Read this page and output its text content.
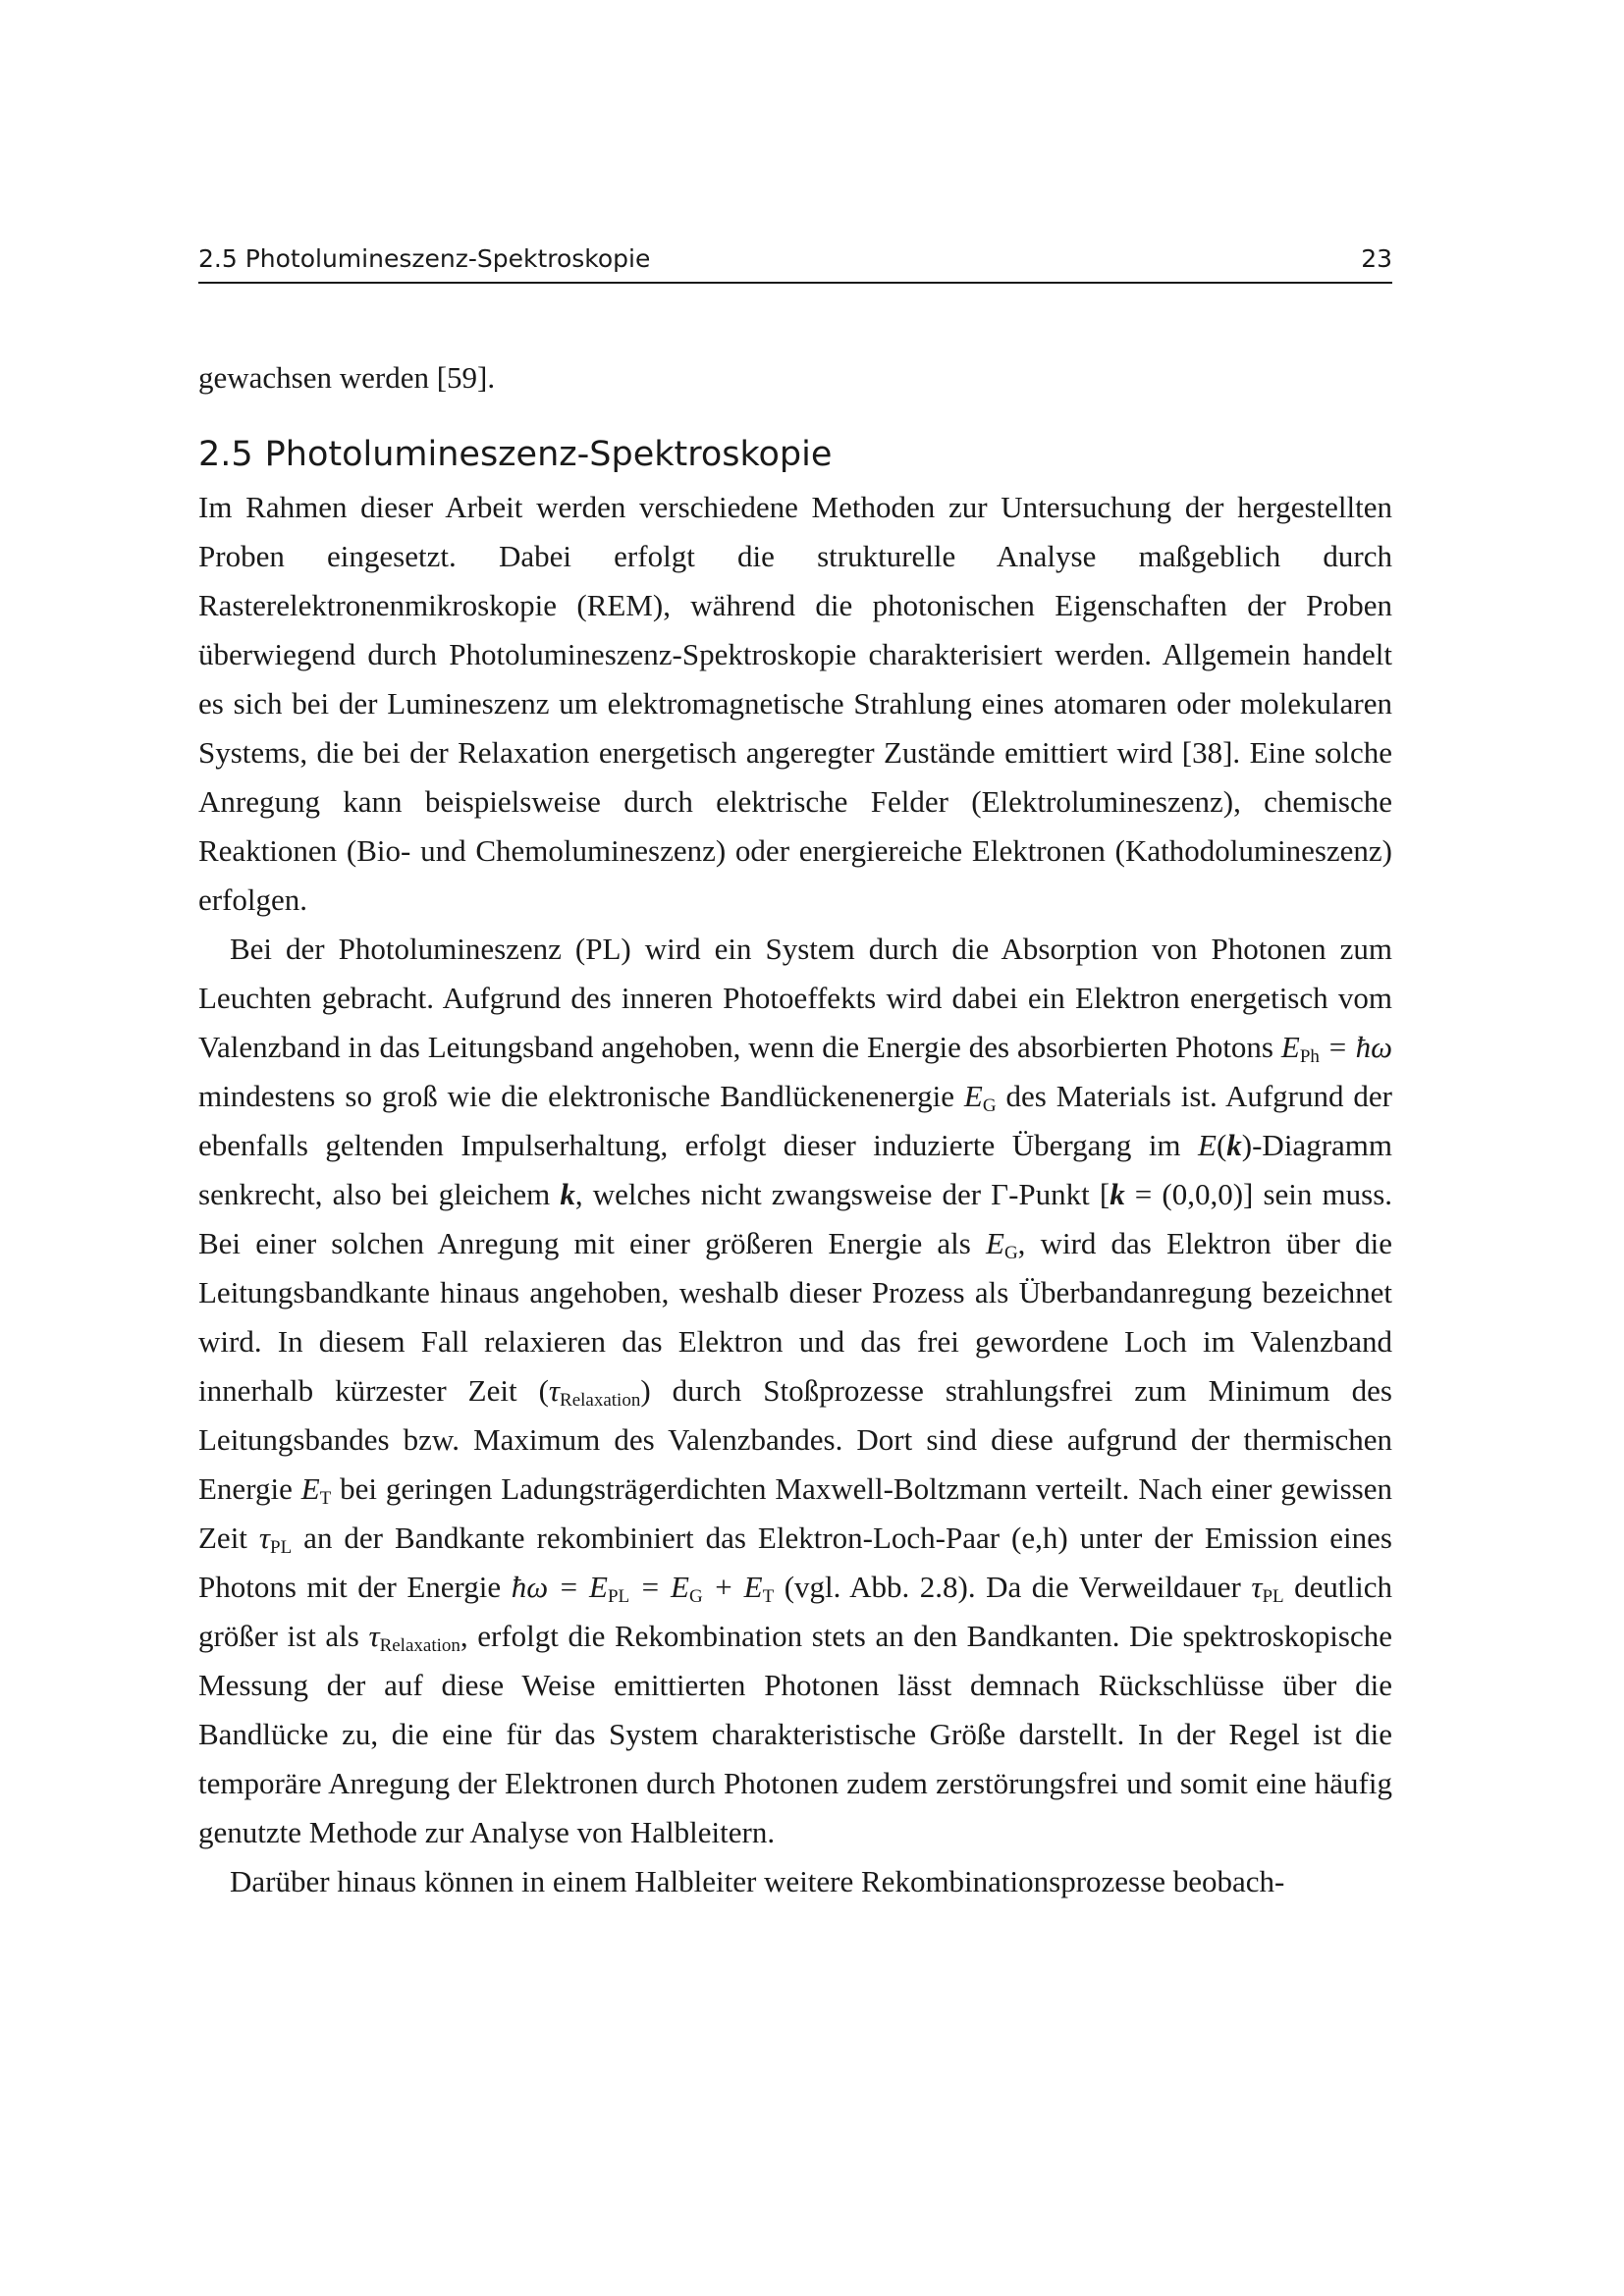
2.5 Photolumineszenz-Spektroskopie	23

gewachsen werden [59].

2.5 Photolumineszenz-Spektroskopie

Im Rahmen dieser Arbeit werden verschiedene Methoden zur Untersuchung der hergestellten Proben eingesetzt. Dabei erfolgt die strukturelle Analyse maßgeblich durch Rasterelektronenmikroskopie (REM), während die photonischen Eigenschaften der Proben überwiegend durch Photolumineszenz-Spektroskopie charakterisiert werden. Allgemein handelt es sich bei der Lumineszenz um elektromagnetische Strahlung eines atomaren oder molekularen Systems, die bei der Relaxation energetisch angeregter Zustände emittiert wird [38]. Eine solche Anregung kann beispielsweise durch elektrische Felder (Elektrolumineszenz), chemische Reaktionen (Bio- und Chemolumineszenz) oder energiereiche Elektronen (Kathodolumineszenz) erfolgen.

Bei der Photolumineszenz (PL) wird ein System durch die Absorption von Photonen zum Leuchten gebracht. Aufgrund des inneren Photoeffekts wird dabei ein Elektron energetisch vom Valenzband in das Leitungsband angehoben, wenn die Energie des absorbierten Photons $E_{Ph}$ = ħω mindestens so groß wie die elektronische Bandlückenenergie $E_G$ des Materials ist. Aufgrund der ebenfalls geltenden Impulserhaltung, erfolgt dieser induzierte Übergang im E(k)-Diagramm senkrecht, also bei gleichem k, welches nicht zwangsweise der Γ-Punkt [k = (0,0,0)] sein muss. Bei einer solchen Anregung mit einer größeren Energie als $E_G$, wird das Elektron über die Leitungsbandkante hinaus angehoben, weshalb dieser Prozess als Überbandanregung bezeichnet wird. In diesem Fall relaxieren das Elektron und das frei gewordene Loch im Valenzband innerhalb kürzester Zeit $(\tau_{Relaxation})$ durch Stoßprozesse strahlungsfrei zum Minimum des Leitungsbandes bzw. Maximum des Valenzbandes. Dort sind diese aufgrund der thermischen Energie $E_T$ bei geringen Ladungsträgerdichten Maxwell-Boltzmann verteilt. Nach einer gewissen Zeit $\tau_{PL}$ an der Bandkante rekombiniert das Elektron-Loch-Paar (e,h) unter der Emission eines Photons mit der Energie ħω = $E_{PL} = E_G + E_T$ (vgl. Abb. 2.8). Da die Verweildauer $\tau_{PL}$ deutlich größer ist als $\tau_{Relaxation}$, erfolgt die Rekombination stets an den Bandkanten. Die spektroskopische Messung der auf diese Weise emittierten Photonen lässt demnach Rückschlüsse über die Bandlücke zu, die eine für das System charakteristische Größe darstellt. In der Regel ist die temporäre Anregung der Elektronen durch Photonen zudem zerstörungsfrei und somit eine häufig genutzte Methode zur Analyse von Halbleitern.

Darüber hinaus können in einem Halbleiter weitere Rekombinationsprozesse beobach-
